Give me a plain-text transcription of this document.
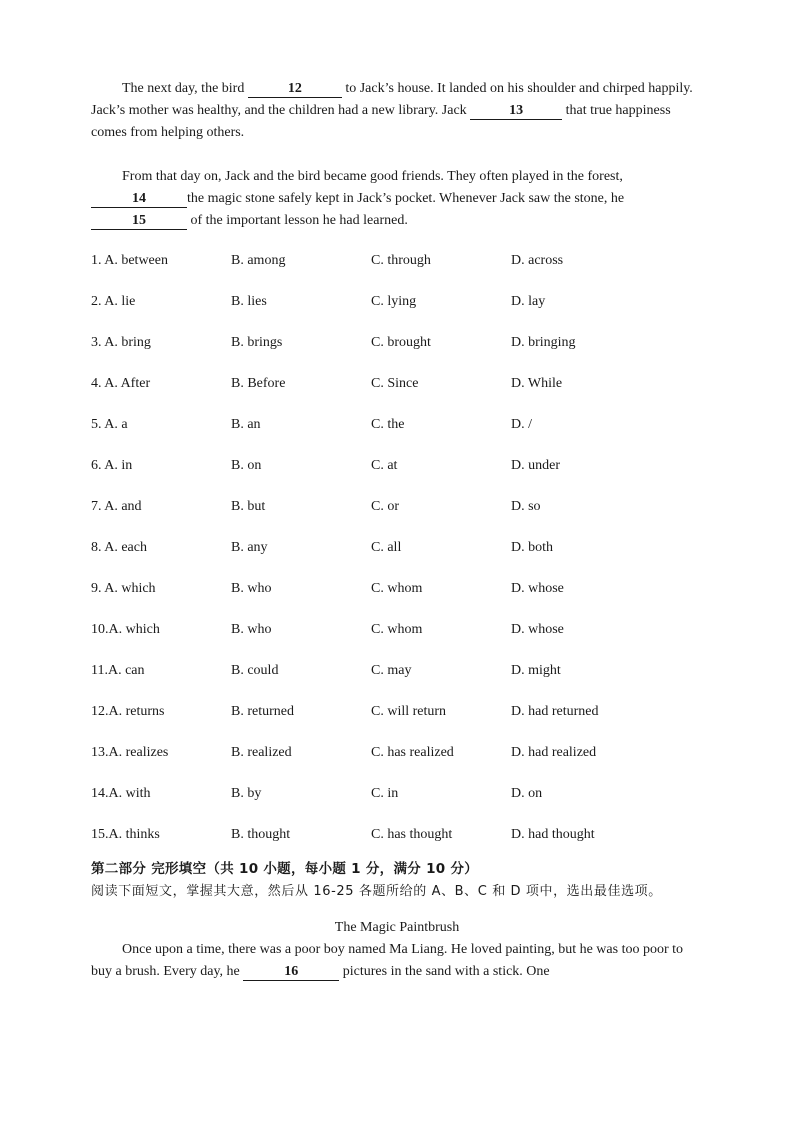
The next day, the bird	12	to Jack’s house. It landed on his shoulder and chirped happily. Jack’s mother was healthy, and the children had a new library. Jack	13	that true happiness comes from helping others.

From that day on, Jack and the bird became good friends. They often played in the forest, 14	the magic stone safely kept in Jack’s pocket. Whenever Jack saw the stone, he 15	of the important lesson he had learned.

1. A. between	B. among	C. through	D. across
2. A. lie	B. lies	C. lying	D. lay
3. A. bring	B. brings	C. brought	D. bringing
4. A. After	B. Before	C. Since	D. While
5. A. a	B. an	C. the	D. /
6. A. in	B. on	C. at	D. under
7. A. and	B. but	C. or	D. so
8. A. each	B. any	C. all	D. both
9. A. which	B. who	C. whom	D. whose
10.A. which	B. who	C. whom	D. whose
11.A. can	B. could	C. may	D. might
12.A. returns	B. returned	C. will return	D. had returned
13.A. realizes	B. realized	C. has realized	D. had realized
14.A. with	B. by	C. in	D. on
15.A. thinks	B. thought	C. has thought	D. had thought
第二部分 完形填空（共 10 小题，每小题 1 分，满分 10 分）
阅读下面短文，掌握其大意，然后从 16-25 各题所给的 A、B、C 和 D 项中，选出最佳选项。
The Magic Paintbrush

Once upon a time, there was a poor boy named Ma Liang. He loved painting, but he was too poor to buy a brush. Every day, he	16	pictures in the sand with a stick. One
